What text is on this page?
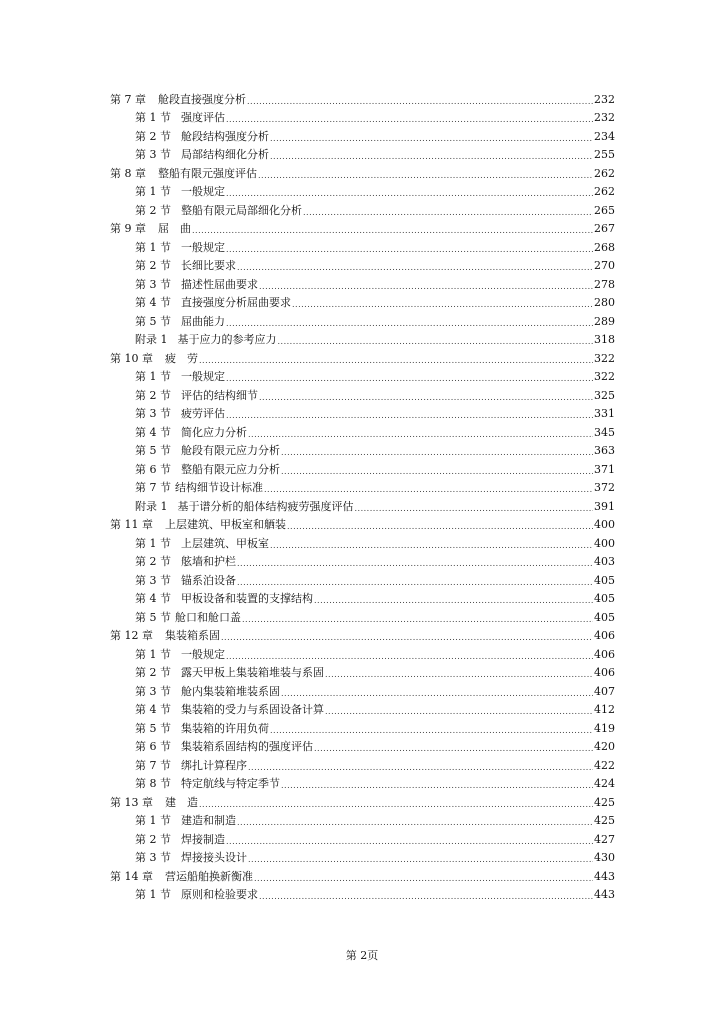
第 7 章 舱段直接强度分析 .....	232
第 1 节 强度评估 .....	232
第 2 节 舱段结构强度分析 .....	234
第 3 节 局部结构细化分析 .....	255
第 8 章 整船有限元强度评估 .....	262
第 1 节 一般规定 .....	262
第 2 节 整船有限元局部细化分析 .....	265
第 9 章 屈　曲 .....	267
第 1 节 一般规定 .....	268
第 2 节 长细比要求 .....	270
第 3 节 描述性屈曲要求 .....	278
第 4 节 直接强度分析屈曲要求 .....	280
第 5 节 屈曲能力 .....	289
附录 1 基于应力的参考应力 .....	318
第 10 章 疲　劳 .....	322
第 1 节 一般规定 .....	322
第 2 节 评估的结构细节 .....	325
第 3 节 疲劳评估 .....	331
第 4 节 简化应力分析 .....	345
第 5 节 舱段有限元应力分析 .....	363
第 6 节 整船有限元应力分析 .....	371
第 7 节 结构细节设计标准 .....	372
附录 1 基于谱分析的船体结构疲劳强度评估 .....	391
第 11 章 上层建筑、甲板室和舾装 .....	400
第 1 节 上层建筑、甲板室 .....	400
第 2 节 舷墙和护栏 .....	403
第 3 节 锚系泊设备 .....	405
第 4 节 甲板设备和装置的支撑结构 .....	405
第 5 节 舱口和舱口盖 .....	405
第 12 章 集装箱系固 .....	406
第 1 节 一般规定 .....	406
第 2 节 露天甲板上集装箱堆装与系固 .....	406
第 3 节 舱内集装箱堆装系固 .....	407
第 4 节 集装箱的受力与系固设备计算 .....	412
第 5 节 集装箱的许用负荷 .....	419
第 6 节 集装箱系固结构的强度评估 .....	420
第 7 节 绑扎计算程序 .....	422
第 8 节 特定航线与特定季节 .....	424
第 13 章 建　造 .....	425
第 1 节 建造和制造 .....	425
第 2 节 焊接制造 .....	427
第 3 节 焊接接头设计 .....	430
第 14 章 营运船舶换新衡准 .....	443
第 1 节 原则和检验要求 .....	443
第 2页
